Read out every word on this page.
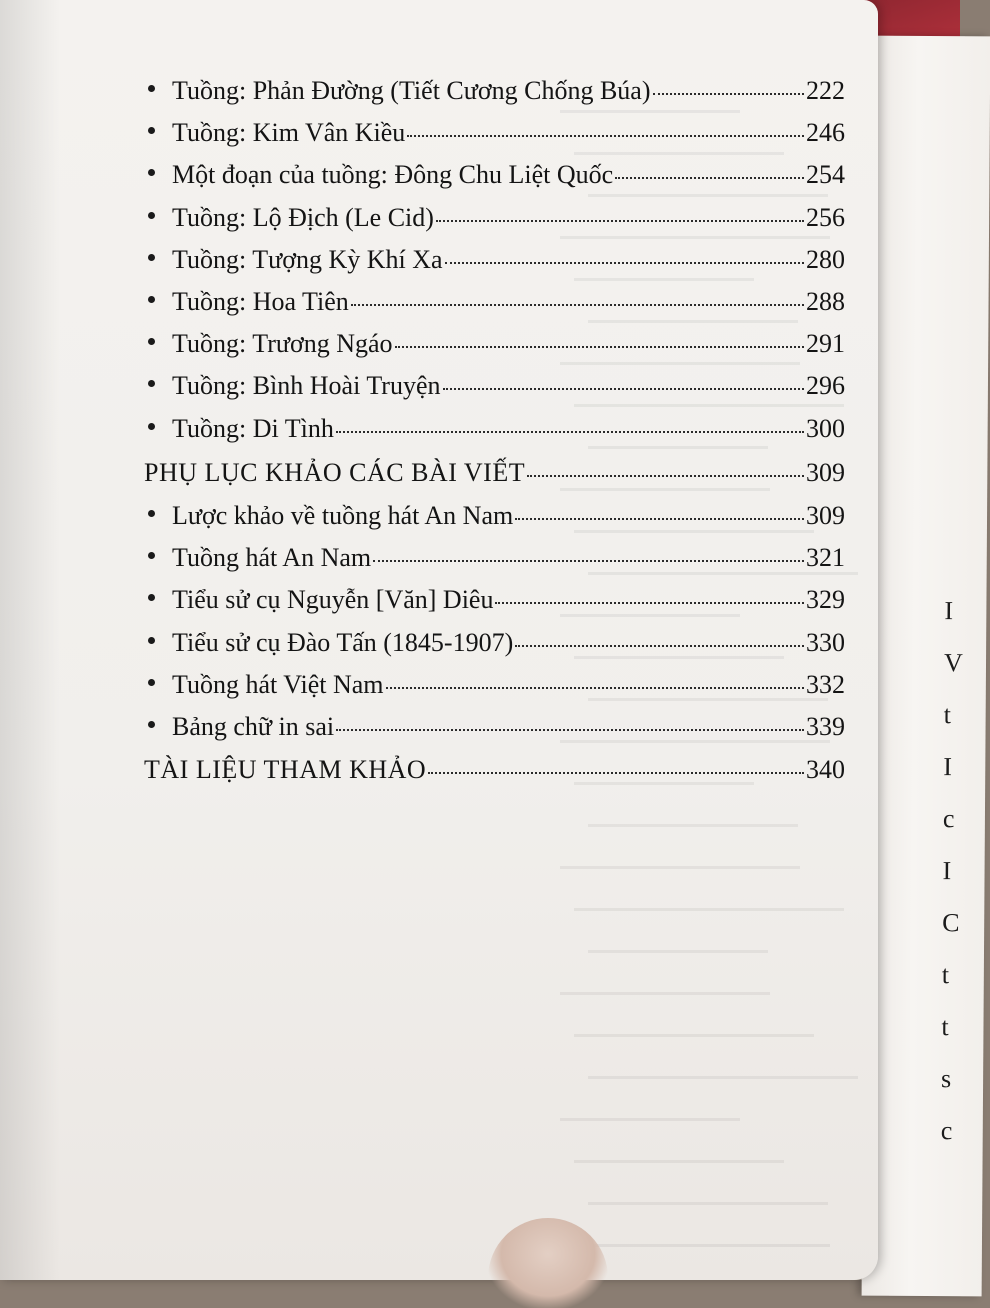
I
V
t
I
c
I
C
t
t
s
c
Tuồng: Phản Đường (Tiết Cương Chống Búa)	222
Tuồng: Kim Vân Kiều	246
Một đoạn của tuồng: Đông Chu Liệt Quốc	254
Tuồng: Lộ Địch (Le Cid)	256
Tuồng: Tượng Kỳ Khí Xa	280
Tuồng: Hoa Tiên	288
Tuồng: Trương Ngáo	291
Tuồng: Bình Hoài Truyện	296
Tuồng: Di Tình	300
PHỤ LỤC KHẢO CÁC BÀI VIẾT	309
Lược khảo về tuồng hát An Nam	309
Tuồng hát An Nam	321
Tiểu sử cụ Nguyễn [Văn] Diêu	329
Tiểu sử cụ Đào Tấn (1845-1907)	330
Tuồng hát Việt Nam	332
Bảng chữ in sai	339
TÀI LIỆU THAM KHẢO	340
